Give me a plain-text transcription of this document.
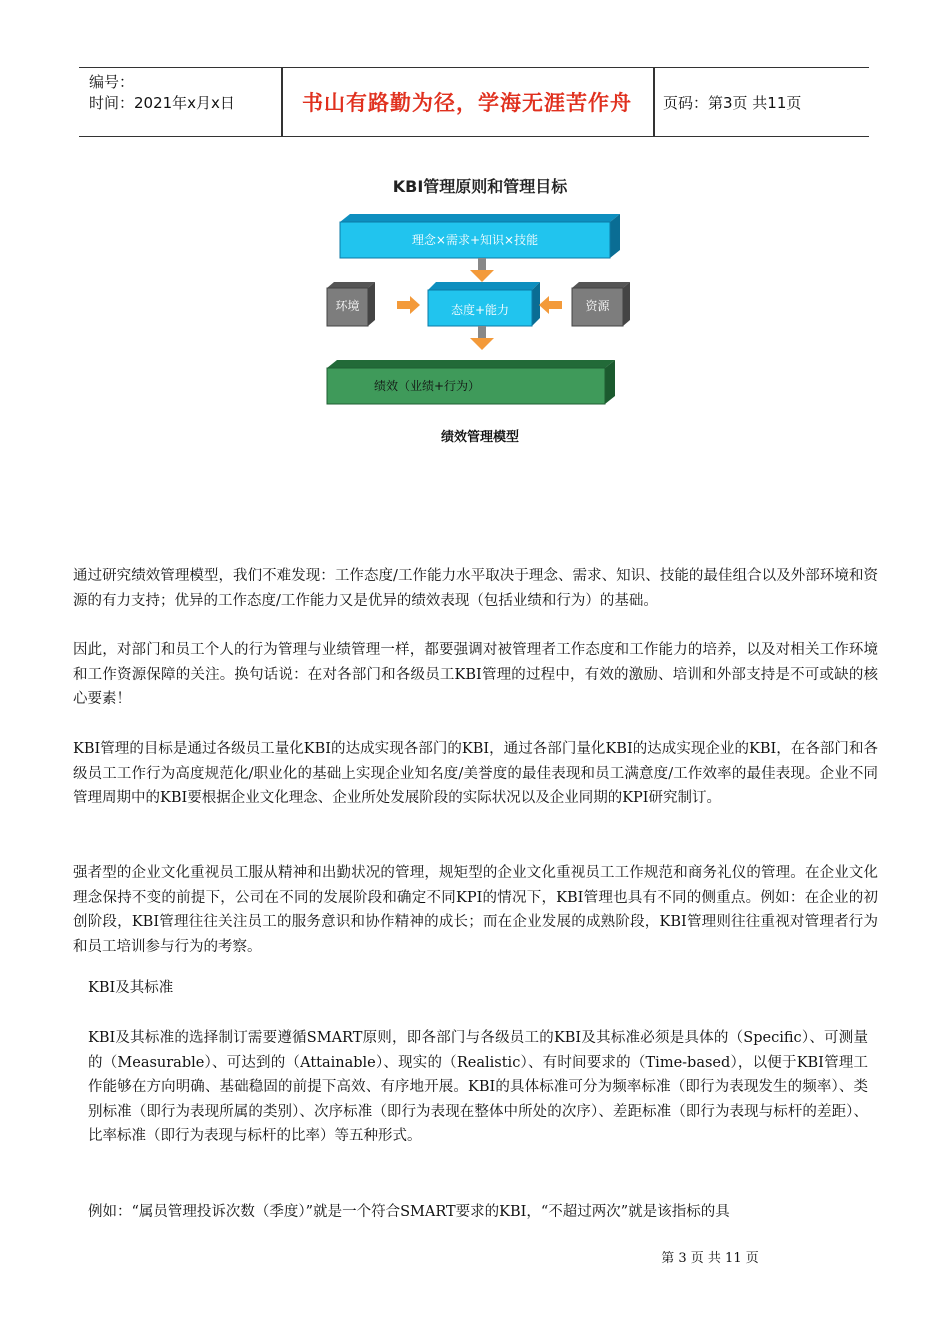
编号：
时间：2021年x月x日	书山有路勤为径，学海无涯苦作舟	页码：第3页 共11页
KBI管理原则和管理目标
理念×需求+知识×技能
环境	态度+能力	资源
绩效（业绩+行为）
绩效管理模型

通过研究绩效管理模型，我们不难发现：工作态度/工作能力水平取决于理念、需求、知识、技能的最佳组合以及外部环境和资源的有力支持；优异的工作态度/工作能力又是优异的绩效表现（包括业绩和行为）的基础。

因此，对部门和员工个人的行为管理与业绩管理一样，都要强调对被管理者工作态度和工作能力的培养，以及对相关工作环境和工作资源保障的关注。换句话说：在对各部门和各级员工KBI管理的过程中，有效的激励、培训和外部支持是不可或缺的核心要素！

KBI管理的目标是通过各级员工量化KBI的达成实现各部门的KBI，通过各部门量化KBI的达成实现企业的KBI，在各部门和各级员工工作行为高度规范化/职业化的基础上实现企业知名度/美誉度的最佳表现和员工满意度/工作效率的最佳表现。企业不同管理周期中的KBI要根据企业文化理念、企业所处发展阶段的实际状况以及企业同期的KPI研究制订。

强者型的企业文化重视员工服从精神和出勤状况的管理，规矩型的企业文化重视员工工作规范和商务礼仪的管理。在企业文化理念保持不变的前提下，公司在不同的发展阶段和确定不同KPI的情况下，KBI管理也具有不同的侧重点。例如：在企业的初创阶段，KBI管理往往关注员工的服务意识和协作精神的成长；而在企业发展的成熟阶段，KBI管理则往往重视对管理者行为和员工培训参与行为的考察。

KBI及其标准

KBI及其标准的选择制订需要遵循SMART原则，即各部门与各级员工的KBI及其标准必须是具体的（Specific）、可测量的（Measurable）、可达到的（Attainable）、现实的（Realistic）、有时间要求的（Time-based），以便于KBI管理工作能够在方向明确、基础稳固的前提下高效、有序地开展。KBI的具体标准可分为频率标准（即行为表现发生的频率）、类别标准（即行为表现所属的类别）、次序标准（即行为表现在整体中所处的次序）、差距标准（即行为表现与标杆的差距）、比率标准（即行为表现与标杆的比率）等五种形式。

例如：“属员管理投诉次数（季度）”就是一个符合SMART要求的KBI，“不超过两次”就是该指标的具

第 3 页 共 11 页
